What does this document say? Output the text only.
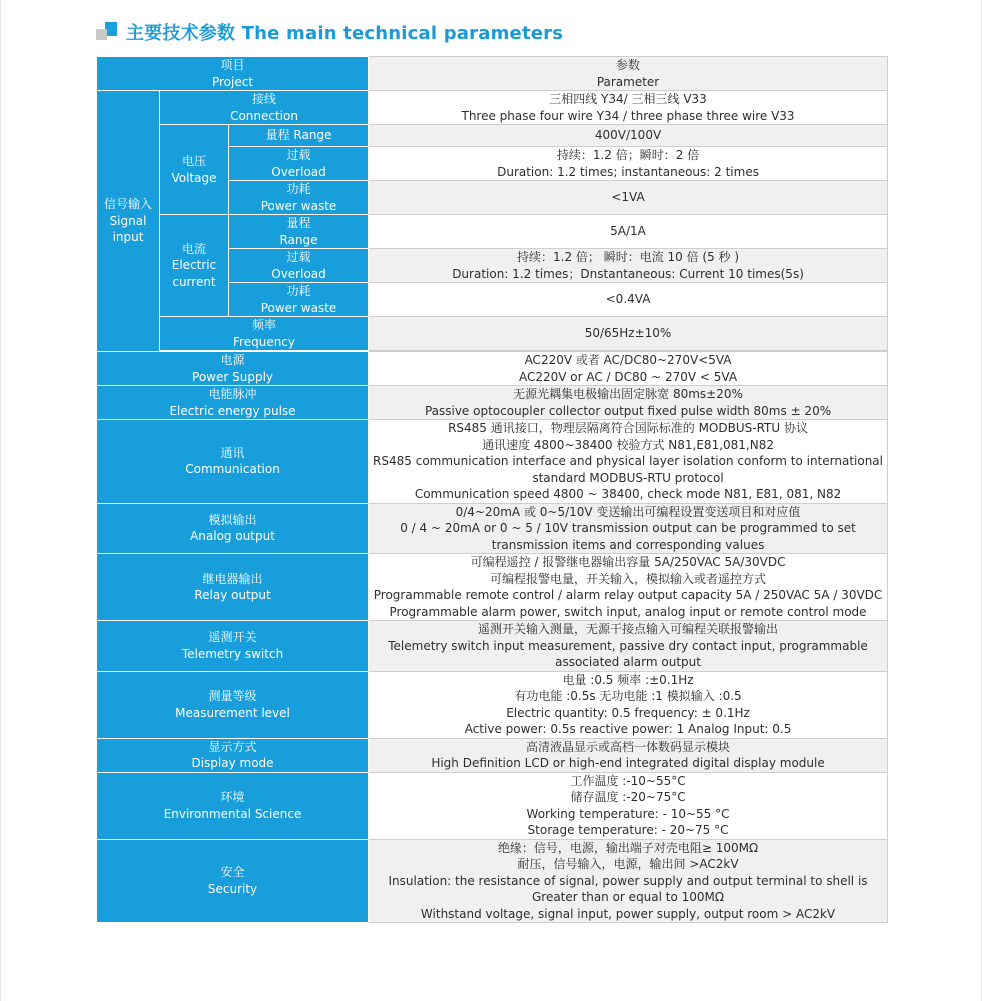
主要技术参数 The main technical parameters
项目
Project			参数
Parameter

信号输入
Signal
input	接线
Connection		三相四线 Y34/ 三相三线 V33
Three phase four wire Y34 / three phase three wire V33

	电压
Voltage	量程 Range	400V/100V

		过载
Overload	持续：1.2 倍；瞬时：2 倍
Duration: 1.2 times; instantaneous: 2 times

		功耗
Power waste	<1VA

	电流
Electric
current	量程
Range	5A/1A

		过载
Overload	持续：1.2 倍； 瞬时：电流 10 倍 (5 秒 )
Duration: 1.2 times；Dnstantaneous: Current 10 times(5s)

		功耗
Power waste	<0.4VA

	频率
Frequency		50/65Hz±10%

电源
Power Supply			AC220V 或者 AC/DC80~270V<5VA
AC220V or AC / DC80 ~ 270V < 5VA

电能脉冲
Electric energy pulse			无源光耦集电极输出固定脉宽 80ms±20%
Passive optocoupler collector output fixed pulse width 80ms ± 20%

通讯
Communication			RS485 通讯接口，物理层隔离符合国际标准的 MODBUS-RTU 协议
通讯速度 4800~38400 校验方式 N81,E81,081,N82
RS485 communication interface and physical layer isolation conform to international
standard MODBUS-RTU protocol
Communication speed 4800 ~ 38400, check mode N81, E81, 081, N82

模拟输出
Analog output			0/4~20mA 或 0~5/10V 变送输出可编程设置变送项目和对应值
0 / 4 ~ 20mA or 0 ~ 5 / 10V transmission output can be programmed to set
transmission items and corresponding values

继电器输出
Relay output			可编程遥控 / 报警继电器输出容量 5A/250VAC 5A/30VDC
可编程报警电量，开关输入，模拟输入或者遥控方式
Programmable remote control / alarm relay output capacity 5A / 250VAC 5A / 30VDC
Programmable alarm power, switch input, analog input or remote control mode

遥测开关
Telemetry switch			遥测开关输入测量，无源干接点输入可编程关联报警输出
Telemetry switch input measurement, passive dry contact input, programmable
associated alarm output

测量等级
Measurement level			电量 :0.5 频率 :±0.1Hz
有功电能 :0.5s 无功电能 :1 模拟输入 :0.5
Electric quantity: 0.5 frequency: ± 0.1Hz
Active power: 0.5s reactive power: 1 Analog Input: 0.5

显示方式
Display mode			高清液晶显示或高档一体数码显示模块
High Definition LCD or high-end integrated digital display module

环境
Environmental Science			工作温度 :-10~55°C
储存温度 :-20~75°C
Working temperature: - 10~55 °C
Storage temperature: - 20~75 °C

安全
Security			绝缘：信号，电源，输出端子对壳电阻≥ 100MΩ
耐压，信号输入，电源，输出间 >AC2kV
Insulation: the resistance of signal, power supply and output terminal to shell is
Greater than or equal to 100MΩ
Withstand voltage, signal input, power supply, output room > AC2kV
